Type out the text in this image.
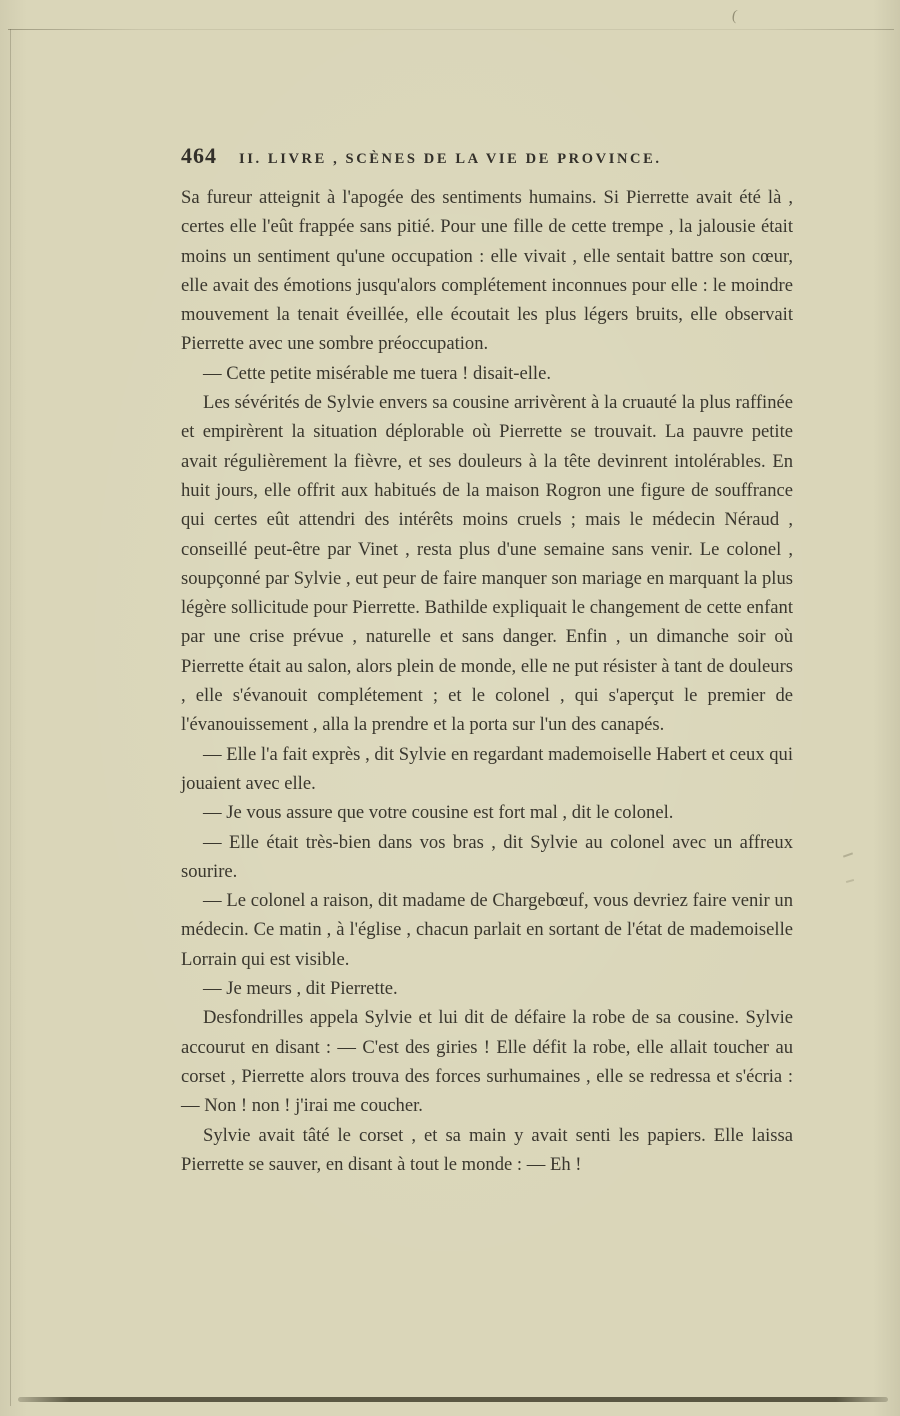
(
464 II. LIVRE , SCÈNES DE LA VIE DE PROVINCE.

Sa fureur atteignit à l'apogée des sentiments humains. Si Pierrette avait été là , certes elle l'eût frappée sans pitié. Pour une fille de cette trempe , la jalousie était moins un sentiment qu'une occupation : elle vivait , elle sentait battre son cœur, elle avait des émotions jusqu'alors complétement inconnues pour elle : le moindre mouvement la tenait éveillée, elle écoutait les plus légers bruits, elle observait Pierrette avec une sombre préoccupation.

— Cette petite misérable me tuera ! disait-elle.

Les sévérités de Sylvie envers sa cousine arrivèrent à la cruauté la plus raffinée et empirèrent la situation déplorable où Pierrette se trouvait. La pauvre petite avait régulièrement la fièvre, et ses douleurs à la tête devinrent intolérables. En huit jours, elle offrit aux habitués de la maison Rogron une figure de souffrance qui certes eût attendri des intérêts moins cruels ; mais le médecin Néraud , conseillé peut-être par Vinet , resta plus d'une semaine sans venir. Le colonel , soupçonné par Sylvie , eut peur de faire manquer son mariage en marquant la plus légère sollicitude pour Pierrette. Bathilde expliquait le changement de cette enfant par une crise prévue , naturelle et sans danger. Enfin , un dimanche soir où Pierrette était au salon, alors plein de monde, elle ne put résister à tant de douleurs , elle s'évanouit complétement ; et le colonel , qui s'aperçut le premier de l'évanouissement , alla la prendre et la porta sur l'un des canapés.

— Elle l'a fait exprès , dit Sylvie en regardant mademoiselle Habert et ceux qui jouaient avec elle.

— Je vous assure que votre cousine est fort mal , dit le colonel.

— Elle était très-bien dans vos bras , dit Sylvie au colonel avec un affreux sourire.

— Le colonel a raison, dit madame de Chargebœuf, vous devriez faire venir un médecin. Ce matin , à l'église , chacun parlait en sortant de l'état de mademoiselle Lorrain qui est visible.

— Je meurs , dit Pierrette.

Desfondrilles appela Sylvie et lui dit de défaire la robe de sa cousine. Sylvie accourut en disant : — C'est des giries ! Elle défit la robe, elle allait toucher au corset , Pierrette alors trouva des forces surhumaines , elle se redressa et s'écria : — Non ! non ! j'irai me coucher.

Sylvie avait tâté le corset , et sa main y avait senti les papiers. Elle laissa Pierrette se sauver, en disant à tout le monde : — Eh !
